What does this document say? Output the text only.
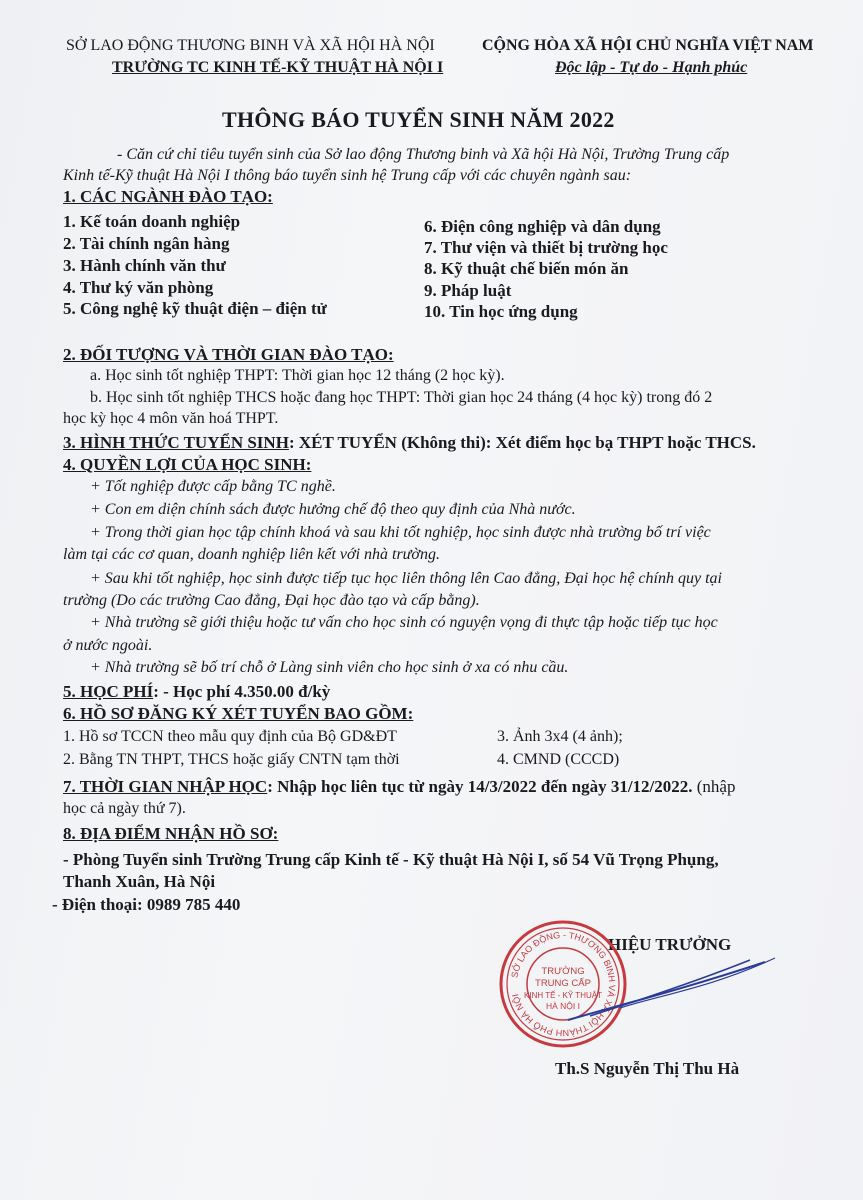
SỞ LAO ĐỘNG THƯƠNG BINH VÀ XÃ HỘI HÀ NỘI
TRƯỜNG TC KINH TẾ-KỸ THUẬT HÀ NỘI I
CỘNG HÒA XÃ HỘI CHỦ NGHĨA VIỆT NAM
Độc lập - Tự do - Hạnh phúc
THÔNG BÁO TUYỂN SINH NĂM 2022
- Căn cứ chỉ tiêu tuyển sinh của Sở lao động Thương binh và Xã hội Hà Nội, Trường Trung cấp
Kinh tế-Kỹ thuật Hà Nội I thông báo tuyển sinh hệ Trung cấp với các chuyên ngành sau:
1. CÁC NGÀNH ĐÀO TẠO:
1. Kế toán doanh nghiệp
2. Tài chính ngân hàng
3. Hành chính văn thư
4. Thư ký văn phòng
5. Công nghệ kỹ thuật điện – điện tử
6. Điện công nghiệp và dân dụng
7. Thư viện và thiết bị trường học
8. Kỹ thuật chế biến món ăn
9. Pháp luật
10. Tin học ứng dụng
2. ĐỐI TƯỢNG VÀ THỜI GIAN ĐÀO TẠO:
a. Học sinh tốt nghiệp THPT: Thời gian học 12 tháng (2 học kỳ).
b. Học sinh tốt nghiệp THCS hoặc đang học THPT: Thời gian học 24 tháng (4 học kỳ) trong đó 2
học kỳ học 4 môn văn hoá THPT.
3. HÌNH THỨC TUYỂN SINH: XÉT TUYỂN (Không thi): Xét điểm học bạ THPT hoặc THCS.
4. QUYỀN LỢI CỦA HỌC SINH:
+ Tốt nghiệp được cấp bằng TC nghề.
+ Con em diện chính sách được hưởng chế độ theo quy định của Nhà nước.
+ Trong thời gian học tập chính khoá và sau khi tốt nghiệp, học sinh được nhà trường bố trí việc
làm tại các cơ quan, doanh nghiệp liên kết với nhà trường.
+ Sau khi tốt nghiệp, học sinh được tiếp tục học liên thông lên Cao đẳng, Đại học hệ chính quy tại
trường (Do các trường Cao đẳng, Đại học đào tạo và cấp bằng).
+ Nhà trường sẽ giới thiệu hoặc tư vấn cho học sinh có nguyện vọng đi thực tập hoặc tiếp tục học
ở nước ngoài.
+ Nhà trường sẽ bố trí chỗ ở Làng sinh viên cho học sinh ở xa có nhu cầu.
5. HỌC PHÍ: - Học phí 4.350.00 đ/kỳ
6. HỒ SƠ ĐĂNG KÝ XÉT TUYỂN BAO GỒM:
1. Hồ sơ TCCN theo mẫu quy định của Bộ GD&ĐT
2. Bằng TN THPT, THCS hoặc giấy CNTN tạm thời
3. Ảnh 3x4 (4 ảnh);
4. CMND (CCCD)
7. THỜI GIAN NHẬP HỌC: Nhập học liên tục từ ngày 14/3/2022 đến ngày 31/12/2022. (nhập
học cả ngày thứ 7).
8. ĐỊA ĐIỂM NHẬN HỒ SƠ:
- Phòng Tuyển sinh Trường Trung cấp Kinh tế - Kỹ thuật Hà Nội I, số 54 Vũ Trọng Phụng,
Thanh Xuân, Hà Nội
- Điện thoại: 0989 785 440
HIỆU TRƯỞNG
SỞ LAO ĐỘNG - THƯƠNG BINH VÀ XÃ HỘI THÀNH PHỐ HÀ NỘI
TRƯỜNG
TRUNG CẤP
KINH TẾ - KỸ THUẬT
HÀ NỘI I
Th.S Nguyễn Thị Thu Hà
